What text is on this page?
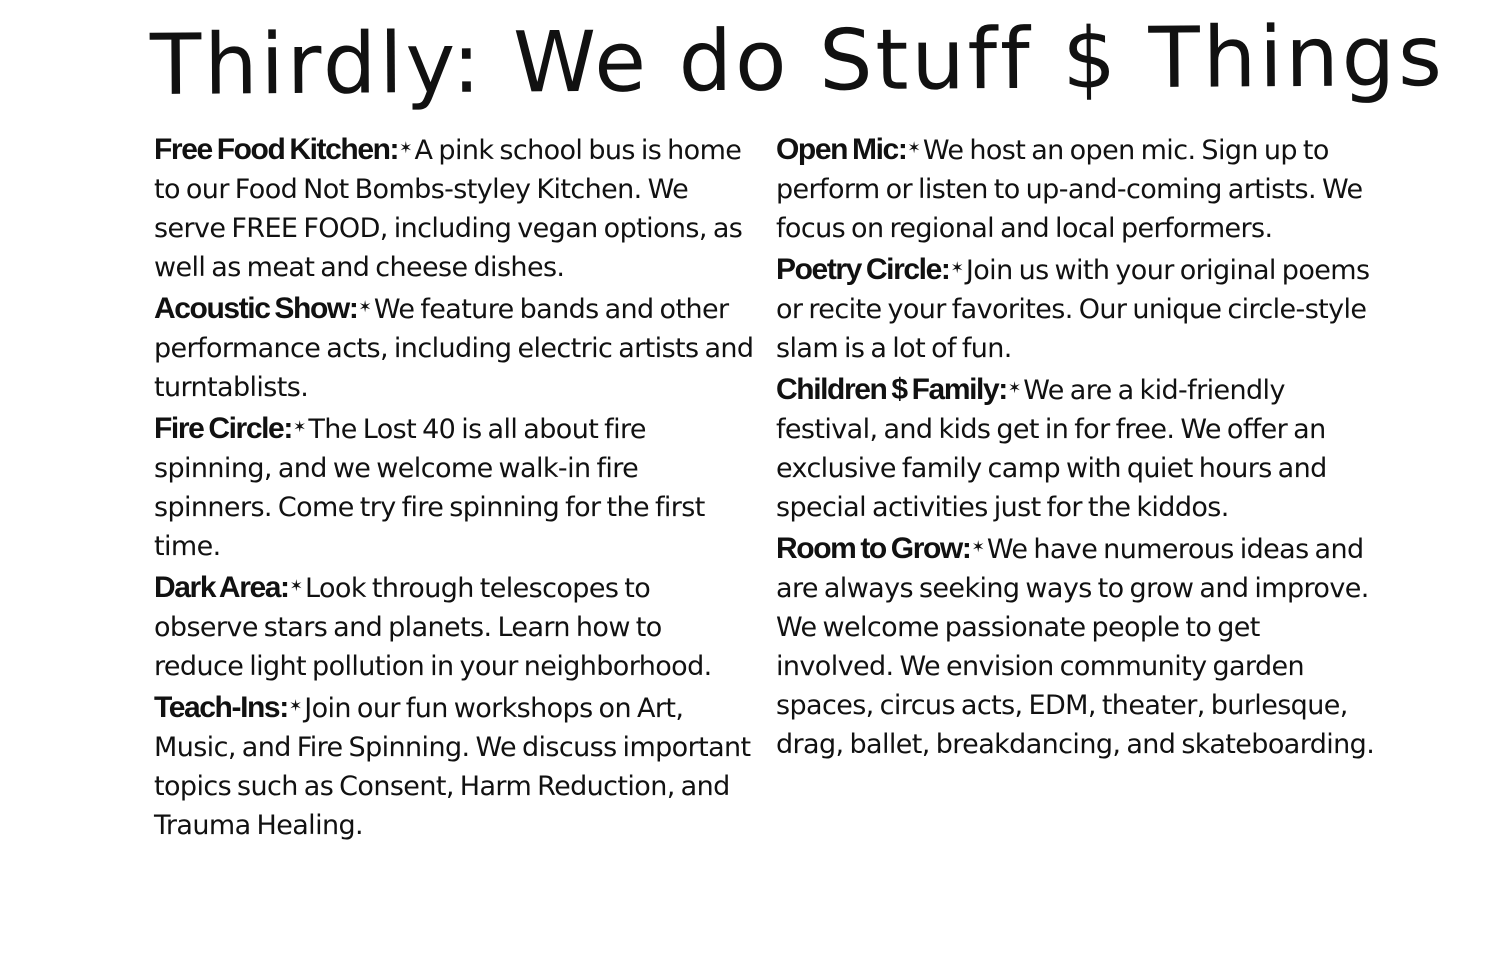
Thirdly: We do Stuff $ Things

Free Food Kitchen:✶A pink school bus is home to our Food Not Bombs-styley Kitchen. We serve FREE FOOD, including vegan options, as well as meat and cheese dishes.

Acoustic Show:✶We feature bands and other performance acts, including electric artists and turntablists.

Fire Circle:✶The Lost 40 is all about fire spinning, and we welcome walk-in fire spinners. Come try fire spinning for the first time.

Dark Area:✶Look through telescopes to observe stars and planets. Learn how to reduce light pollution in your neighborhood.

Teach-Ins:✶Join our fun workshops on Art, Music, and Fire Spinning. We discuss important topics such as Consent, Harm Reduction, and Trauma Healing.

Open Mic:✶We host an open mic. Sign up to perform or listen to up-and-coming artists. We focus on regional and local performers.

Poetry Circle:✶Join us with your original poems or recite your favorites. Our unique circle-style slam is a lot of fun.

Children $ Family:✶We are a kid-friendly festival, and kids get in for free. We offer an exclusive family camp with quiet hours and special activities just for the kiddos.

Room to Grow:✶We have numerous ideas and are always seeking ways to grow and improve. We welcome passionate people to get involved. We envision community garden spaces, circus acts, EDM, theater, burlesque, drag, ballet, breakdancing, and skateboarding.
